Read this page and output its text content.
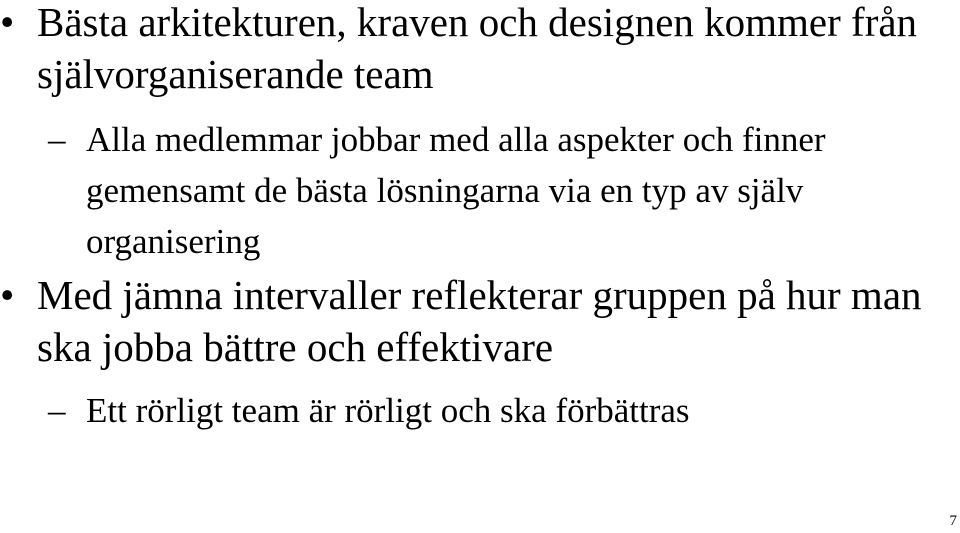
• Bästa arkitekturen, kraven och designen kommer från självorganiserande team
– Alla medlemmar jobbar med alla aspekter och finner gemensamt de bästa lösningarna via en typ av själv organisering
• Med jämna intervaller reflekterar gruppen på hur man ska jobba bättre och effektivare
– Ett rörligt team är rörligt och ska förbättras
7
